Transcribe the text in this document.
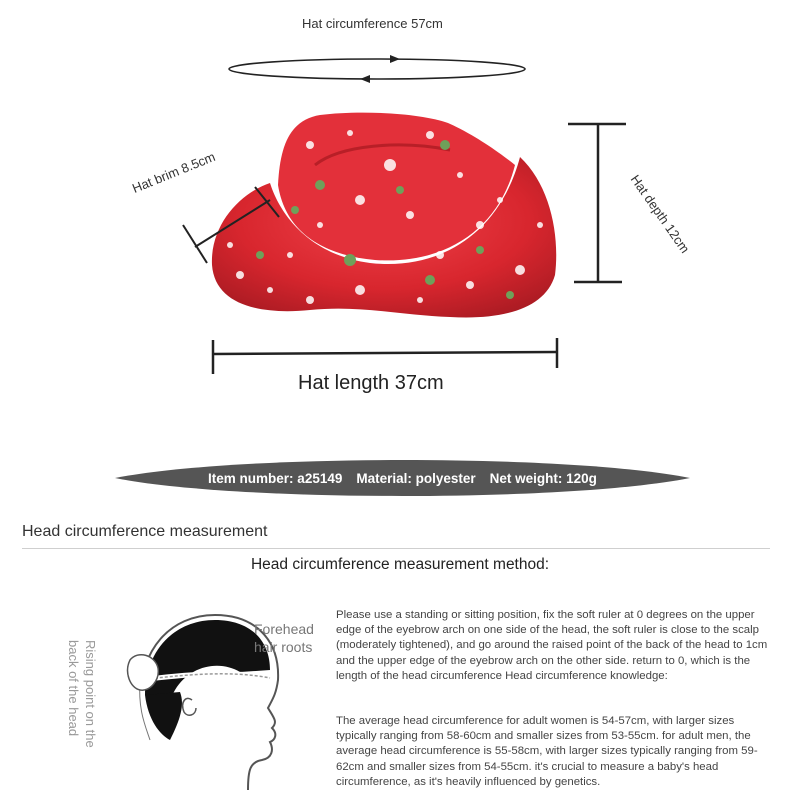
Hat circumference 57cm
Hat brim 8.5cm	Hat depth 12cm
Hat length 37cm
Item number: a25149 Material: polyester Net weight: 120g
Head circumference measurement
Head circumference measurement method:
Rising point on the
back of the head
Forehead
hair roots
Please use a standing or sitting position, fix the soft ruler at 0 degrees on the upper edge of the eyebrow arch on one side of the head, the soft ruler is close to the scalp (moderately tightened), and go around the raised point of the back of the head to 1cm and the upper edge of the eyebrow arch on the other side. return to 0, which is the length of the head circumference Head circumference knowledge:
The average head circumference for adult women is 54-57cm, with larger sizes typically ranging from 58-60cm and smaller sizes from 53-55cm. for adult men, the average head circumference is 55-58cm, with larger sizes typically ranging from 59-62cm and smaller sizes from 54-55cm. it's crucial to measure a baby's head circumference, as it's heavily influenced by genetics.
